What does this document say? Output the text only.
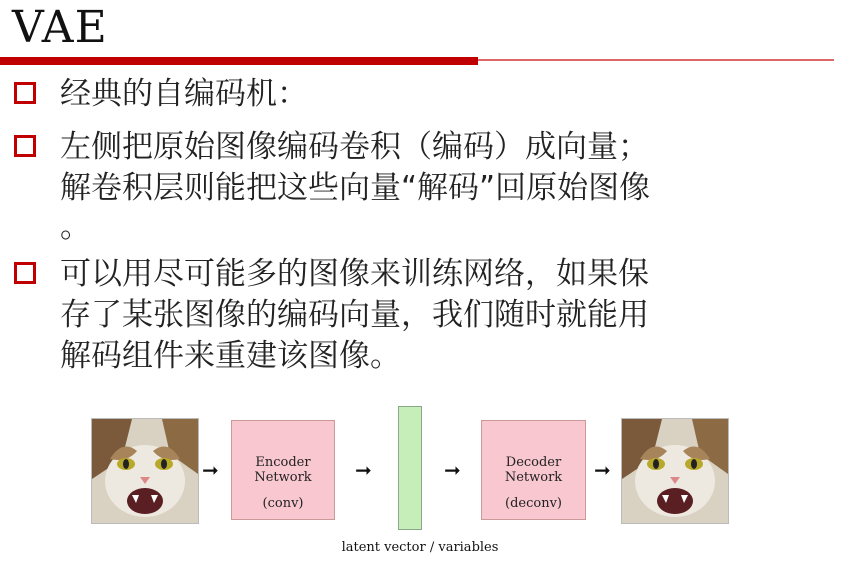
VAE
经典的自编码机：
左侧把原始图像编码卷积（编码）成向量；
解卷积层则能把这些向量“解码”回原始图像
。
可以用尽可能多的图像来训练网络，如果保
存了某张图像的编码向量，我们随时就能用
解码组件来重建该图像。
➞	Encoder
Network
(conv)
➞	➞	Decoder
Network
(deconv)
➞
latent vector / variables
